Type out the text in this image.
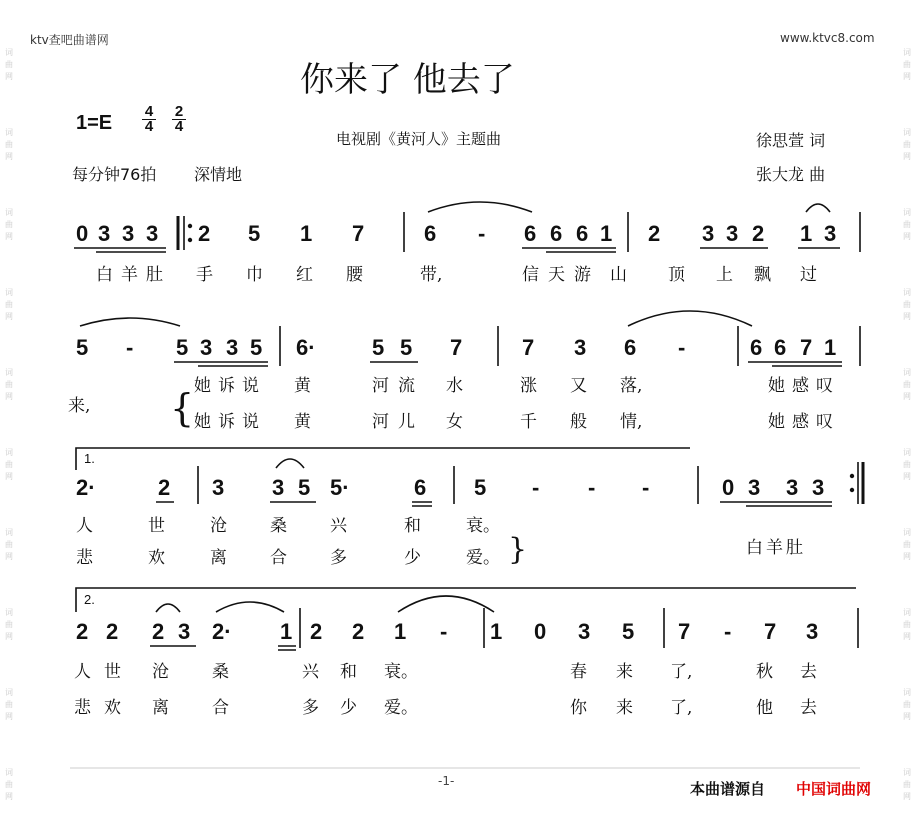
词
曲
网
词
曲
网
词
曲
网
词
曲
网
词
曲
网
词
曲
网
词
曲
网
词
曲
网
词
曲
网
词
曲
网
词
曲
网
词
曲
网
词
曲
网
词
曲
网
词
曲
网
词
曲
网
词
曲
网
词
曲
网
词
曲
网
词
曲
网
ktv查吧曲谱网	www.ktvc8.com
你来了 他去了
1=E
4
4
2
4
电视剧《黄河人》主题曲	徐思萱 词
每分钟76拍 深情地	张大龙 曲
0 3 3 3 2 5 1 7	6 - 6 6 6 1 2 3 3 2 1 3
白 羊 肚 手 巾 红 腰	带,	信 天 游 山 顶 上 飘 过
5 - 5 3 3 5 6·	5 5 7	7 3 6 -	6 6 7 1
来, { 她 诉 说 黄	河 流 水	涨 又 落,	她 感 叹
她 诉 说 黄	河 儿 女	千 般 情,	她 感 叹
1.
2·	2 3 3 5 5·	6 5 - - -	0 3 3 3
人	世	沧	桑	兴	和	衰。
悲	欢	离	合	多	少	爱。 }	白羊肚
2.
2 2 2 3 2· 1 2 2 1 - 1 0 3 5 7 - 7 3
人 世 沧	桑	兴 和 衰。	春 来 了,	秋 去
悲 欢 离	合	多 少 爱。	你 来 了,	他 去
-1-	本曲谱源自 中国词曲网
